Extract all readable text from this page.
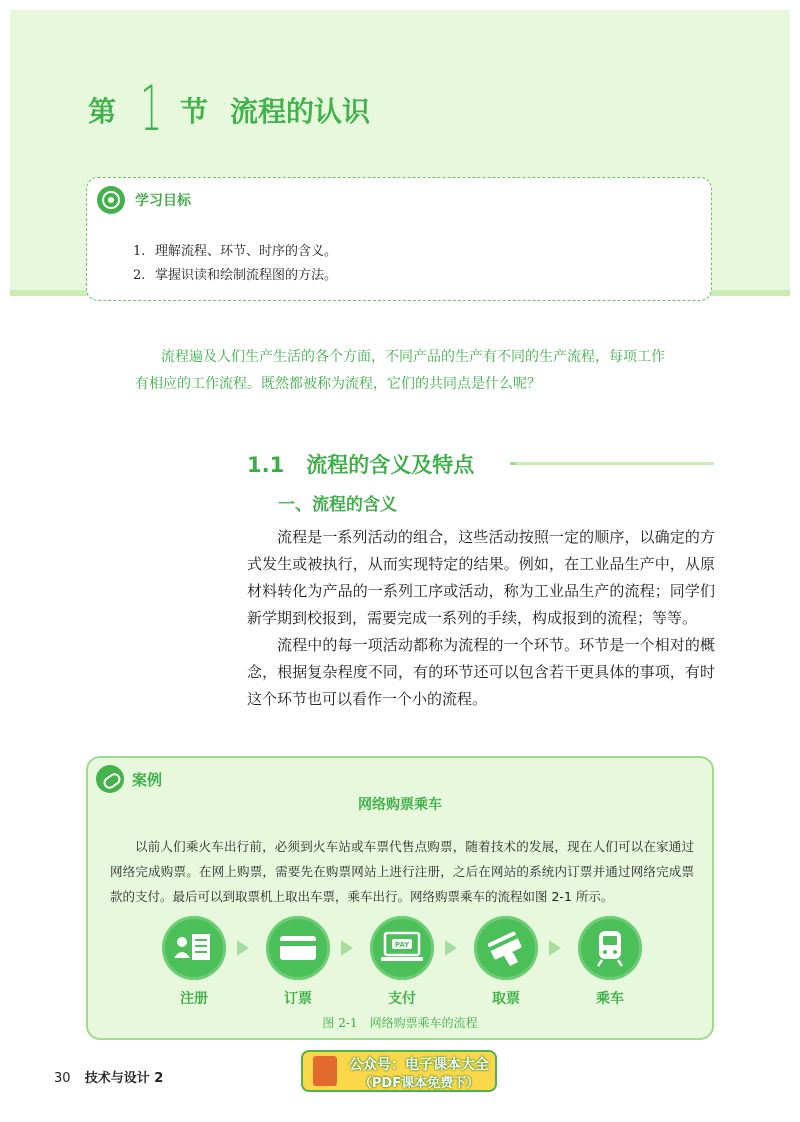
第 1 节 流程的认识
学习目标
1. 理解流程、环节、时序的含义。
2. 掌握识读和绘制流程图的方法。
流程遍及人们生产生活的各个方面，不同产品的生产有不同的生产流程，每项工作
有相应的工作流程。既然都被称为流程，它们的共同点是什么呢？
1.1 流程的含义及特点
一、流程的含义

流程是一系列活动的组合，这些活动按照一定的顺序，以确定的方式发生或被执行，从而实现特定的结果。例如，在工业品生产中，从原材料转化为产品的一系列工序或活动，称为工业品生产的流程；同学们新学期到校报到，需要完成一系列的手续，构成报到的流程；等等。

流程中的每一项活动都称为流程的一个环节。环节是一个相对的概念，根据复杂程度不同，有的环节还可以包含若干更具体的事项，有时这个环节也可以看作一个小的流程。

案例
网络购票乘车
以前人们乘火车出行前，必须到火车站或车票代售点购票，随着技术的发展，现在人们可以在家通过网络完成购票。在网上购票，需要先在购票网站上进行注册，之后在网站的系统内订票并通过网络完成票款的支付。最后可以到取票机上取出车票，乘车出行。网络购票乘车的流程如图 2-1 所示。
注册	订票
PAY
支付	取票	乘车
图 2-1 网络购票乘车的流程
30 技术与设计 2
公众号：电子课本大全
（PDF课本免费下）
